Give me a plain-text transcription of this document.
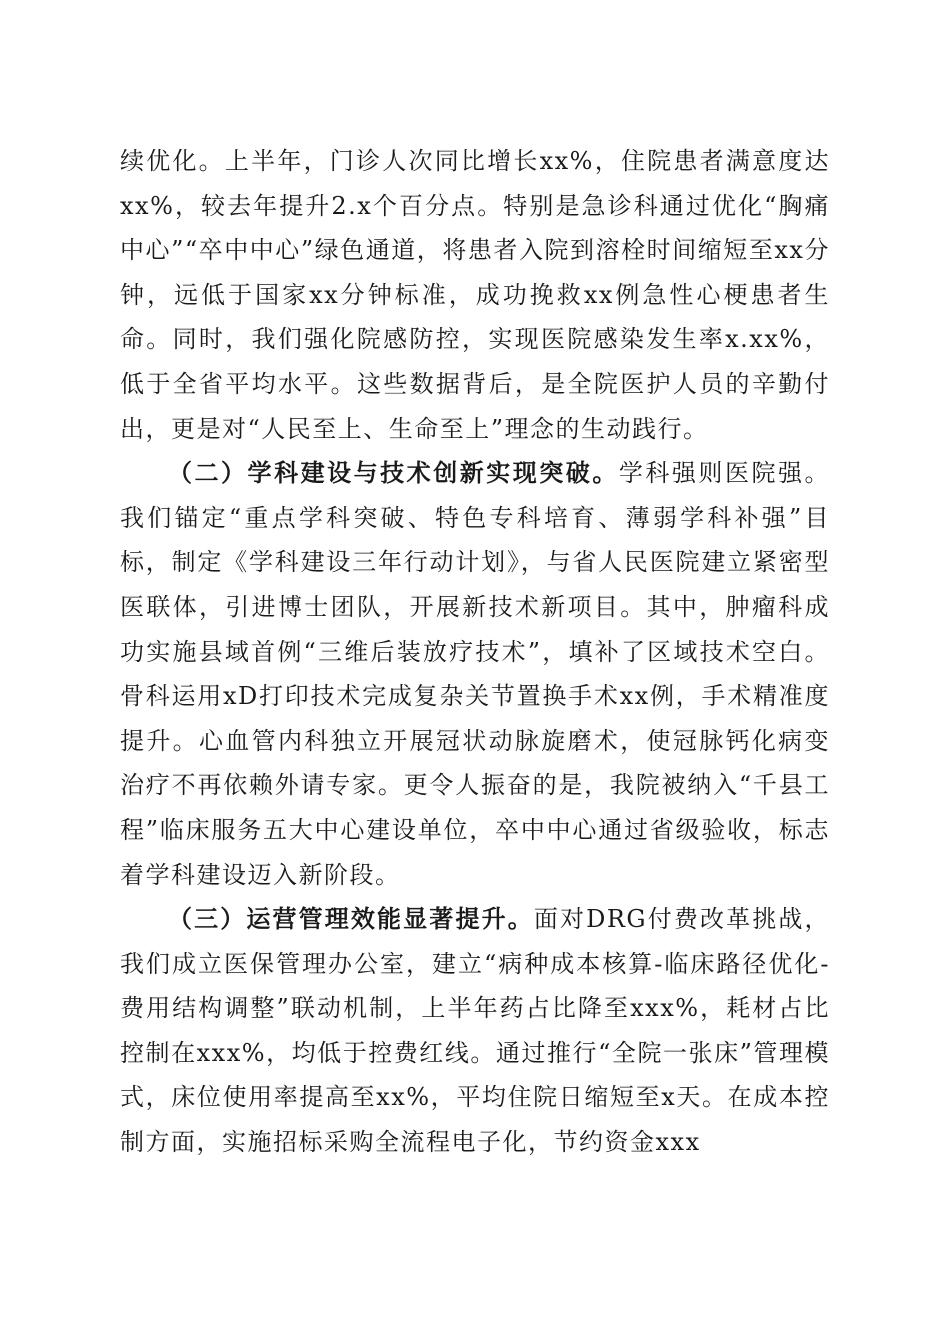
续优化。上半年，门诊人次同比增长xx%，住院患者满意度达xx%，较去年提升2.x个百分点。特别是急诊科通过优化“胸痛中心”“卒中中心”绿色通道，将患者入院到溶栓时间缩短至xx分钟，远低于国家xx分钟标准，成功挽救xx例急性心梗患者生命。同时，我们强化院感防控，实现医院感染发生率x.xx%，低于全省平均水平。这些数据背后，是全院医护人员的辛勤付出，更是对“人民至上、生命至上”理念的生动践行。

（二）学科建设与技术创新实现突破。学科强则医院强。我们锚定“重点学科突破、特色专科培育、薄弱学科补强”目标，制定《学科建设三年行动计划》，与省人民医院建立紧密型医联体，引进博士团队，开展新技术新项目。其中，肿瘤科成功实施县域首例“三维后装放疗技术”，填补了区域技术空白。骨科运用xD打印技术完成复杂关节置换手术xx例，手术精准度提升。心血管内科独立开展冠状动脉旋磨术，使冠脉钙化病变治疗不再依赖外请专家。更令人振奋的是，我院被纳入“千县工程”临床服务五大中心建设单位，卒中中心通过省级验收，标志着学科建设迈入新阶段。

（三）运营管理效能显著提升。面对DRG付费改革挑战，我们成立医保管理办公室，建立“病种成本核算-临床路径优化-费用结构调整”联动机制，上半年药占比降至xxx%，耗材占比控制在xxx%，均低于控费红线。通过推行“全院一张床”管理模式，床位使用率提高至xx%，平均住院日缩短至x天。在成本控制方面，实施招标采购全流程电子化，节约资金xxx
